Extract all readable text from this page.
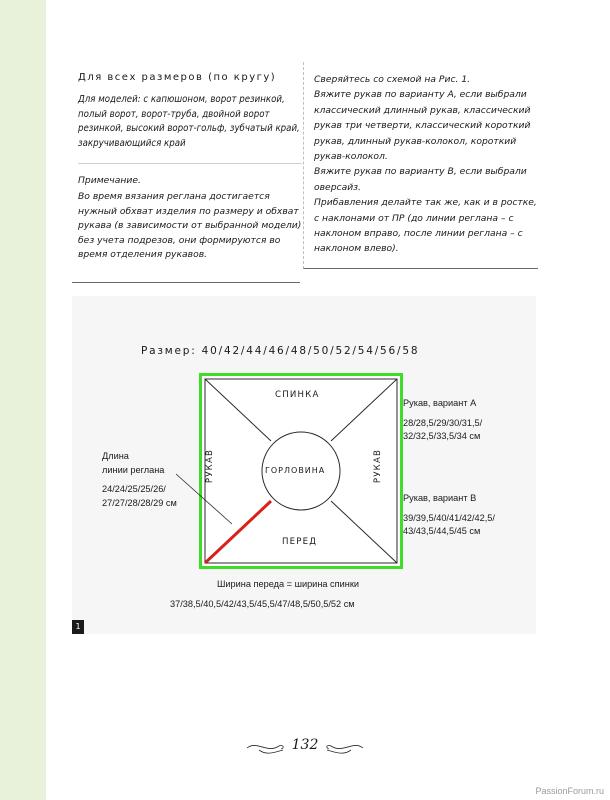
Для всех размеров (по кругу)
Для моделей: с капюшоном, ворот резинкой, полый ворот, ворот-труба, двойной ворот резинкой, высокий ворот-гольф, зубчатый край, закручивающийся край
Примечание.
Во время вязания реглана достигается нужный обхват изделия по размеру и обхват рукава (в зависимости от выбранной модели) без учета подрезов, они формируются во время отделения рукавов.
Сверяйтесь со схемой на Рис. 1.
Вяжите рукав по варианту А, если выбрали классический длинный рукав, классический рукав три четверти, классический короткий рукав, длинный рукав-колокол, короткий рукав-колокол.
Вяжите рукав по варианту В, если выбрали оверсайз.
Прибавления делайте так же, как и в ростке, с наклонами от ПР (до линии реглана – с наклоном вправо, после линии реглана – с наклоном влево).
Размер: 40/42/44/46/48/50/52/54/56/58
СПИНКА
ПЕРЕД
РУКАВ	РУКАВ
ГОРЛОВИНА
Длина
линии реглана
24/24/25/25/26/
27/27/28/28/29 см
Рукав, вариант А
28/28,5/29/30/31,5/
32/32,5/33,5/34 см
Рукав, вариант В
39/39,5/40/41/42/42,5/
43/43,5/44,5/45 см
Ширина переда = ширина спинки
37/38,5/40,5/42/43,5/45,5/47/48,5/50,5/52 см
1
132
PassionForum.ru
